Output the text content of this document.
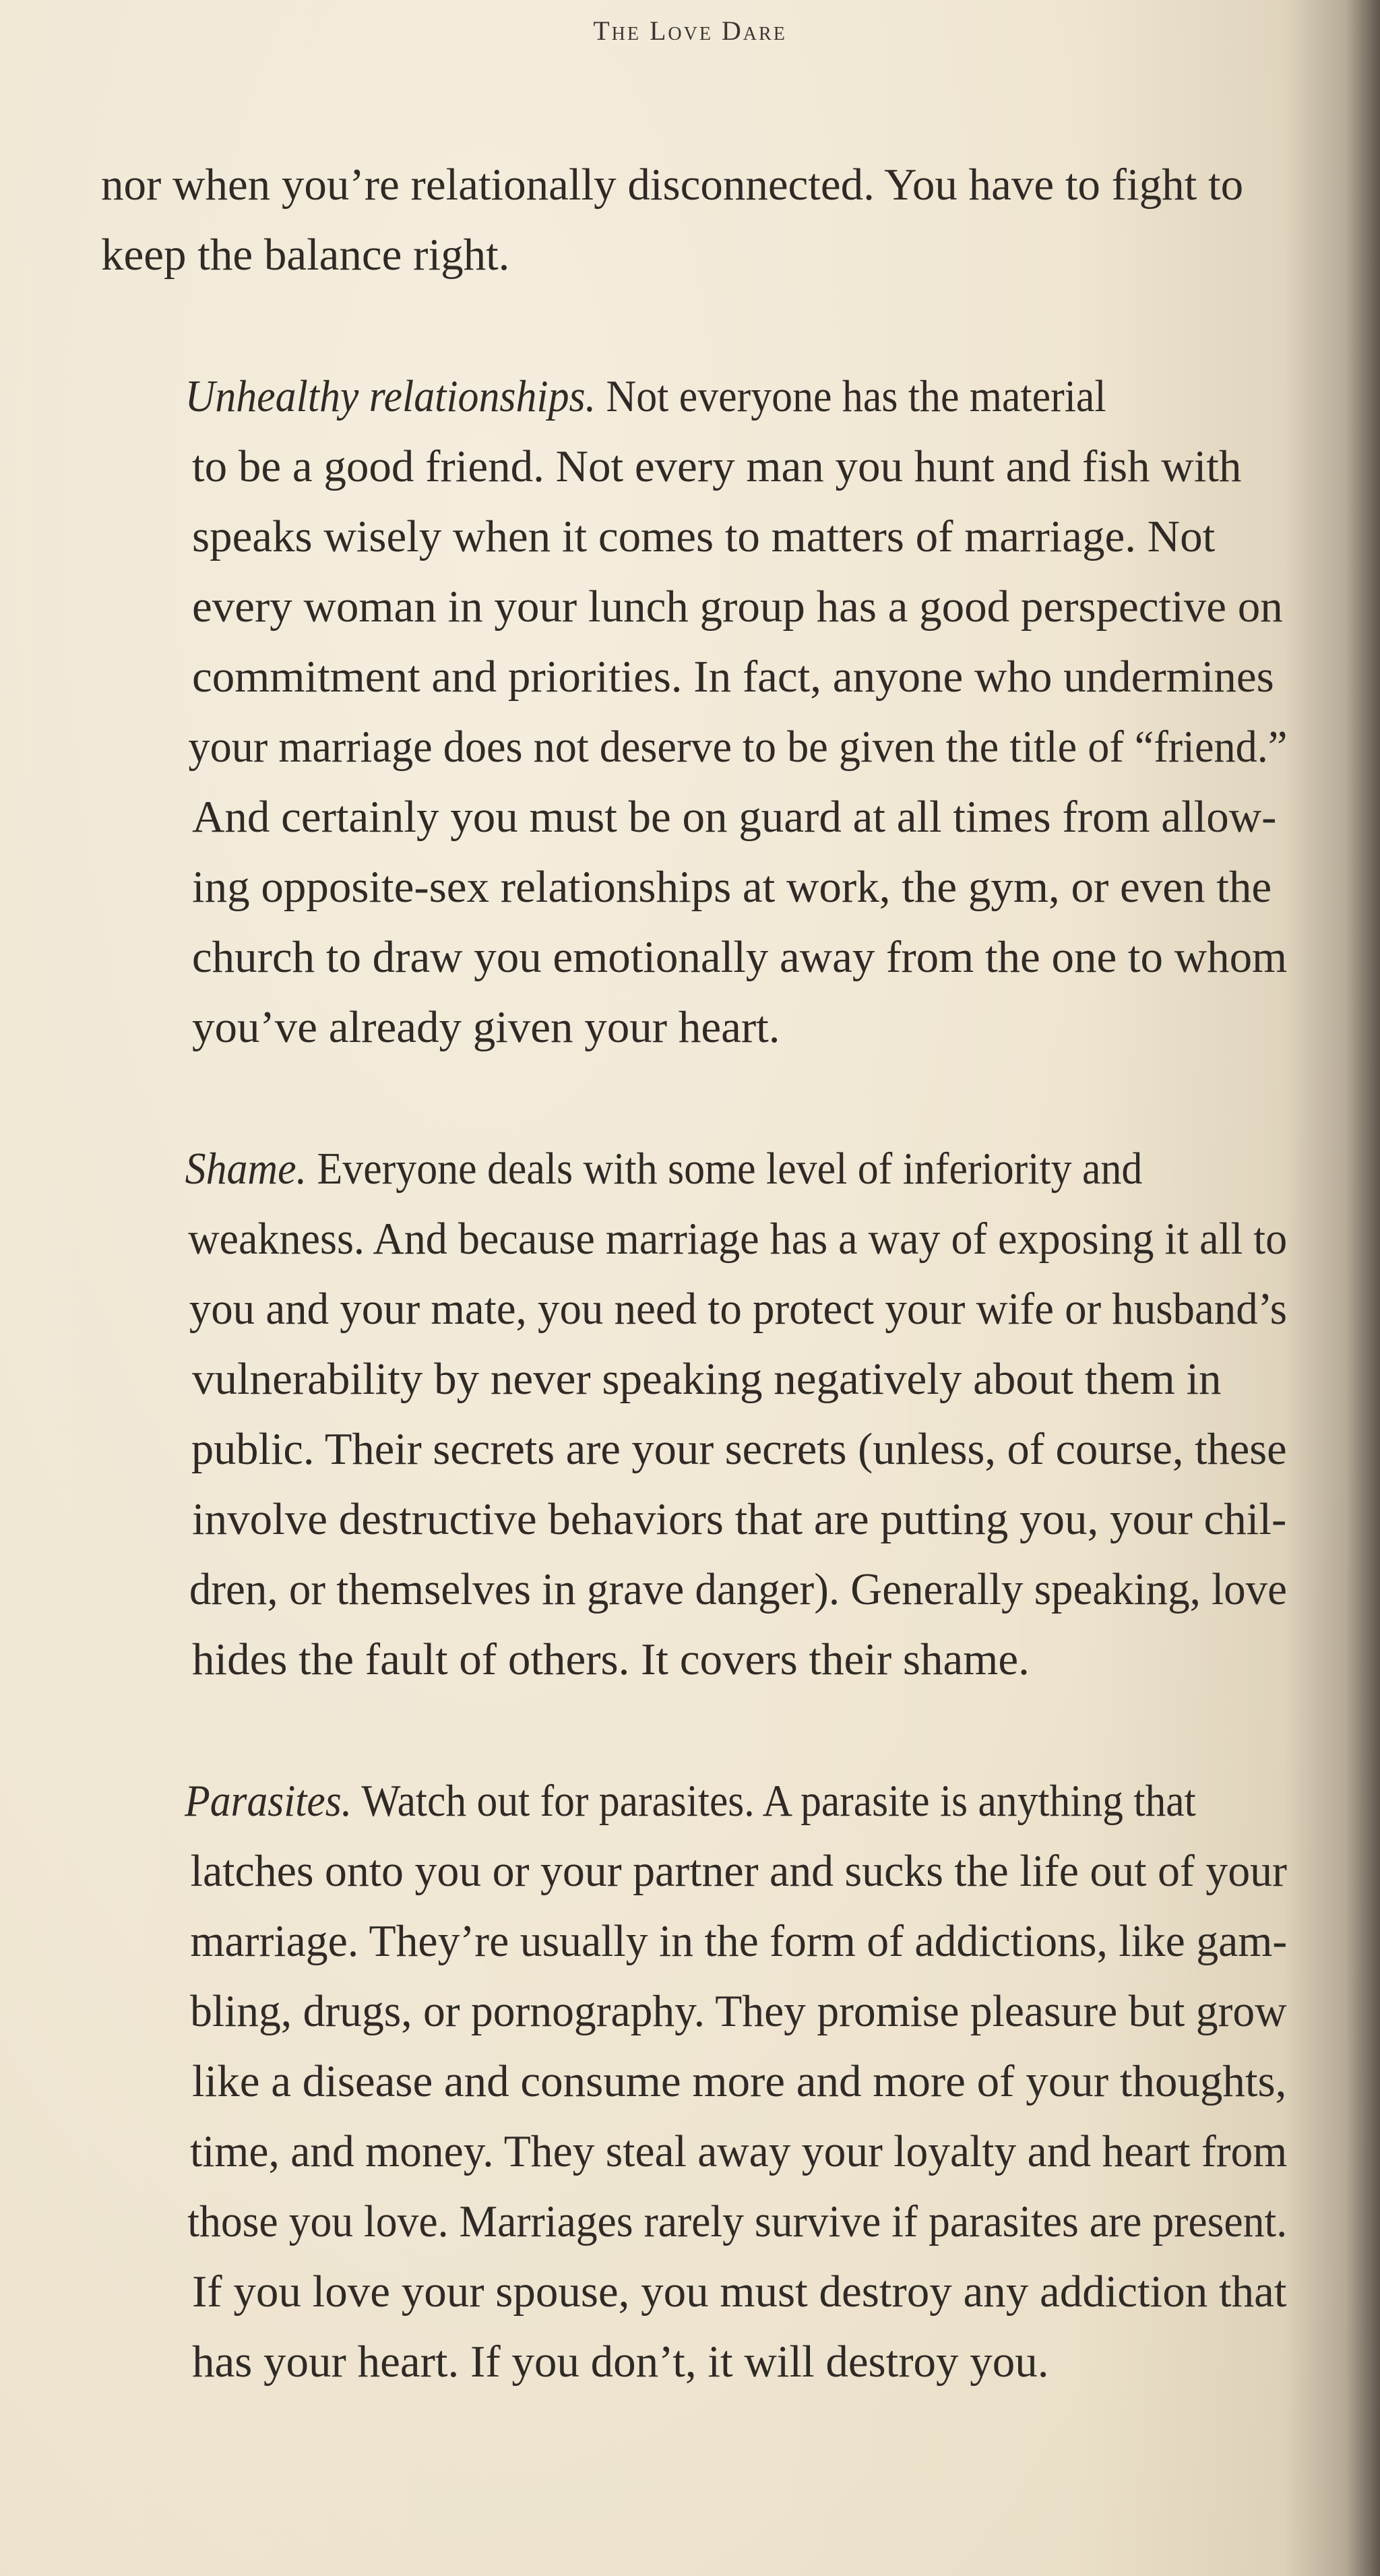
The Love Dare

nor when you’re relationally disconnected. You have to fight to
keep the balance right.

Unhealthy relationships. Not everyone has the material
to be a good friend. Not every man you hunt and fish with
speaks wisely when it comes to matters of marriage. Not
every woman in your lunch group has a good perspective on
commitment and priorities. In fact, anyone who undermines
your marriage does not deserve to be given the title of “friend.”
And certainly you must be on guard at all times from allow-
ing opposite-sex relationships at work, the gym, or even the
church to draw you emotionally away from the one to whom
you’ve already given your heart.

Shame. Everyone deals with some level of inferiority and
weakness. And because marriage has a way of exposing it all to
you and your mate, you need to protect your wife or husband’s
vulnerability by never speaking negatively about them in
public. Their secrets are your secrets (unless, of course, these
involve destructive behaviors that are putting you, your chil-
dren, or themselves in grave danger). Generally speaking, love
hides the fault of others. It covers their shame.

Parasites. Watch out for parasites. A parasite is anything that
latches onto you or your partner and sucks the life out of your
marriage. They’re usually in the form of addictions, like gam-
bling, drugs, or pornography. They promise pleasure but grow
like a disease and consume more and more of your thoughts,
time, and money. They steal away your loyalty and heart from
those you love. Marriages rarely survive if parasites are present.
If you love your spouse, you must destroy any addiction that
has your heart. If you don’t, it will destroy you.
